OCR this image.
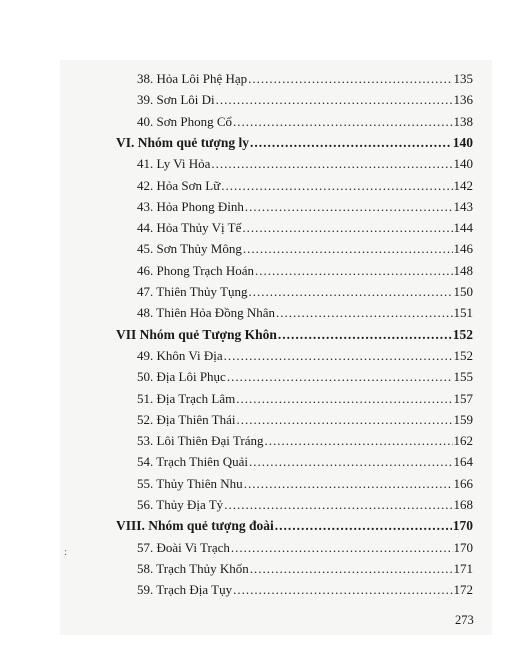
38. Hỏa Lôi Phệ Hạp .....	135
39. Sơn Lôi Di .....	136
40. Sơn Phong Cổ .....	138
VI. Nhóm quẻ tượng ly .....	140
41. Ly Vi Hỏa .....	140
42. Hỏa Sơn Lữ .....	142
43. Hỏa Phong Đỉnh .....	143
44. Hỏa Thủy Vị Tế .....	144
45. Sơn Thủy Mông .....	146
46. Phong Trạch Hoán .....	148
47. Thiên Thủy Tụng .....	150
48. Thiên Hỏa Đồng Nhân .....	151
VII Nhóm quẻ Tượng Khôn .....	152
49. Khôn Vi Địa .....	152
50. Địa Lôi Phục .....	155
51. Địa Trạch Lâm .....	157
52. Địa Thiên Thái .....	159
53. Lôi Thiên Đại Tráng .....	162
54. Trạch Thiên Quải .....	164
55. Thủy Thiên Nhu .....	166
56. Thủy Địa Tỷ .....	168
VIII. Nhóm quẻ tượng đoài .....	170
57. Đoài Vi Trạch .....	170
58. Trạch Thủy Khốn .....	171
59. Trạch Địa Tụy .....	172
:
273
